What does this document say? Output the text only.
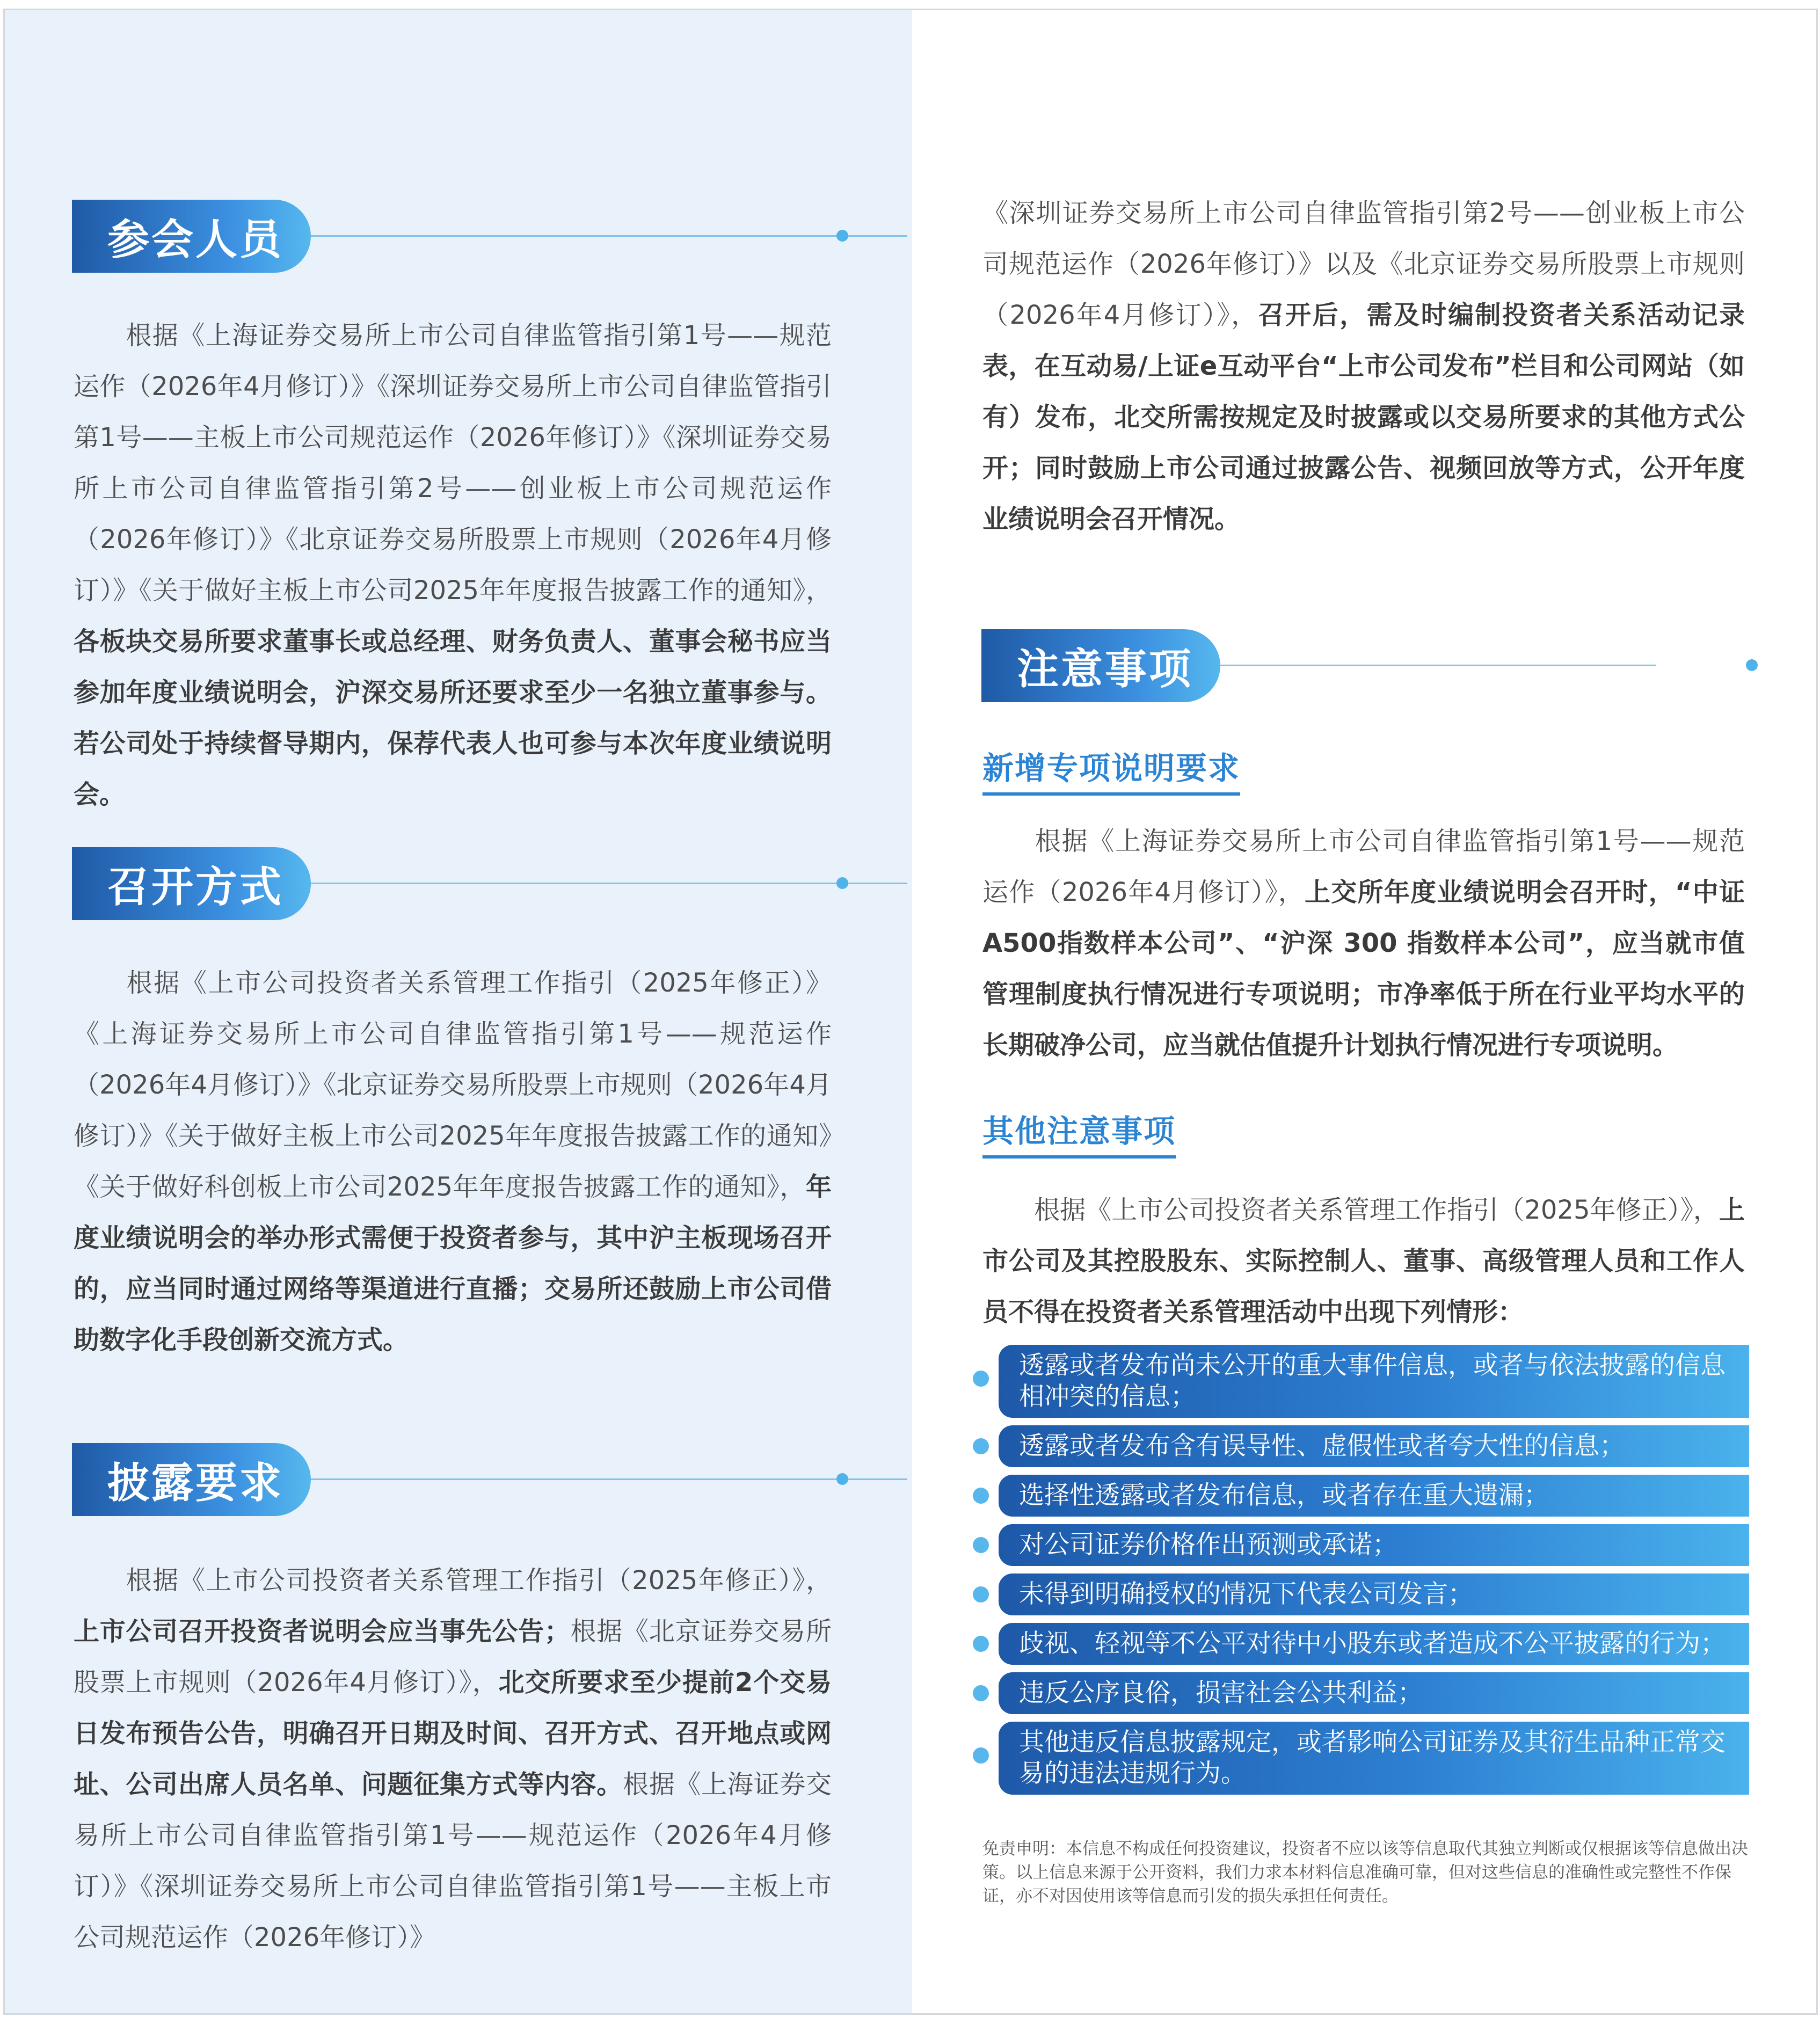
参会人员

根据《上海证券交易所上市公司自律监管指引第1号——规范运作（2026年4月修订）》《深圳证券交易所上市公司自律监管指引第1号——主板上市公司规范运作（2026年修订）》《深圳证券交易所上市公司自律监管指引第2号——创业板上市公司规范运作（2026年修订）》《北京证券交易所股票上市规则（2026年4月修订）》《关于做好主板上市公司2025年年度报告披露工作的通知》，各板块交易所要求董事长或总经理、财务负责人、董事会秘书应当参加年度业绩说明会，沪深交易所还要求至少一名独立董事参与。若公司处于持续督导期内，保荐代表人也可参与本次年度业绩说明会。

召开方式

根据《上市公司投资者关系管理工作指引（2025年修正）》《上海证券交易所上市公司自律监管指引第1号——规范运作（2026年4月修订）》《北京证券交易所股票上市规则（2026年4月修订）》《关于做好主板上市公司2025年年度报告披露工作的通知》《关于做好科创板上市公司2025年年度报告披露工作的通知》，年度业绩说明会的举办形式需便于投资者参与，其中沪主板现场召开的，应当同时通过网络等渠道进行直播；交易所还鼓励上市公司借助数字化手段创新交流方式。

披露要求

根据《上市公司投资者关系管理工作指引（2025年修正）》，上市公司召开投资者说明会应当事先公告；根据《北京证券交易所股票上市规则（2026年4月修订）》，北交所要求至少提前2个交易日发布预告公告，明确召开日期及时间、召开方式、召开地点或网址、公司出席人员名单、问题征集方式等内容。根据《上海证券交易所上市公司自律监管指引第1号——规范运作（2026年4月修订）》《深圳证券交易所上市公司自律监管指引第1号——主板上市公司规范运作（2026年修订）》

《深圳证券交易所上市公司自律监管指引第2号——创业板上市公司规范运作（2026年修订）》以及《北京证券交易所股票上市规则（2026年4月修订）》，召开后，需及时编制投资者关系活动记录表，在互动易/上证e互动平台“上市公司发布”栏目和公司网站（如有）发布，北交所需按规定及时披露或以交易所要求的其他方式公开；同时鼓励上市公司通过披露公告、视频回放等方式，公开年度业绩说明会召开情况。

注意事项
新增专项说明要求

根据《上海证券交易所上市公司自律监管指引第1号——规范运作（2026年4月修订）》，上交所年度业绩说明会召开时，“中证 A500指数样本公司”、“沪深 300 指数样本公司”，应当就市值管理制度执行情况进行专项说明；市净率低于所在行业平均水平的长期破净公司，应当就估值提升计划执行情况进行专项说明。

其他注意事项

根据《上市公司投资者关系管理工作指引（2025年修正）》，上市公司及其控股股东、实际控制人、董事、高级管理人员和工作人员不得在投资者关系管理活动中出现下列情形：

透露或者发布尚未公开的重大事件信息，或者与依法披露的信息相冲突的信息；
透露或者发布含有误导性、虚假性或者夸大性的信息；
选择性透露或者发布信息，或者存在重大遗漏；
对公司证券价格作出预测或承诺；
未得到明确授权的情况下代表公司发言；
歧视、轻视等不公平对待中小股东或者造成不公平披露的行为；
违反公序良俗，损害社会公共利益；
其他违反信息披露规定，或者影响公司证券及其衍生品种正常交易的违法违规行为。

免责申明：本信息不构成任何投资建议，投资者不应以该等信息取代其独立判断或仅根据该等信息做出决策。以上信息来源于公开资料，我们力求本材料信息准确可靠，但对这些信息的准确性或完整性不作保证，亦不对因使用该等信息而引发的损失承担任何责任。
